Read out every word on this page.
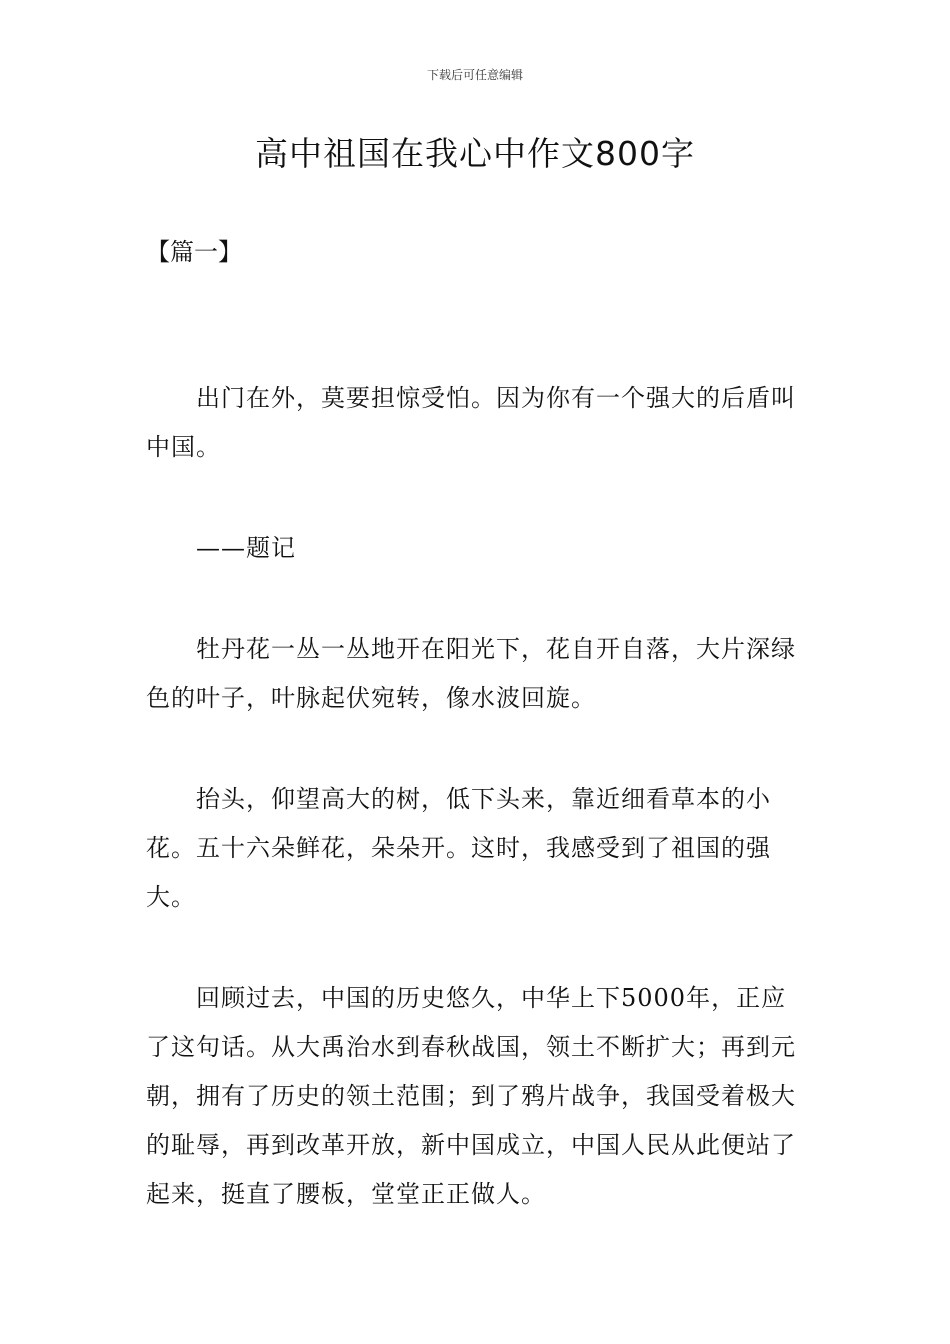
下载后可任意编辑
高中祖国在我心中作文800字

【篇一】

出门在外，莫要担惊受怕。因为你有一个强大的后盾叫中国。

——题记

牡丹花一丛一丛地开在阳光下，花自开自落，大片深绿色的叶子，叶脉起伏宛转，像水波回旋。

抬头，仰望高大的树，低下头来，靠近细看草本的小花。五十六朵鲜花，朵朵开。这时，我感受到了祖国的强大。

回顾过去，中国的历史悠久，中华上下5000年，正应了这句话。从大禹治水到春秋战国，领土不断扩大；再到元朝，拥有了历史的领土范围；到了鸦片战争，我国受着极大的耻辱，再到改革开放，新中国成立，中国人民从此便站了起来，挺直了腰板，堂堂正正做人。
